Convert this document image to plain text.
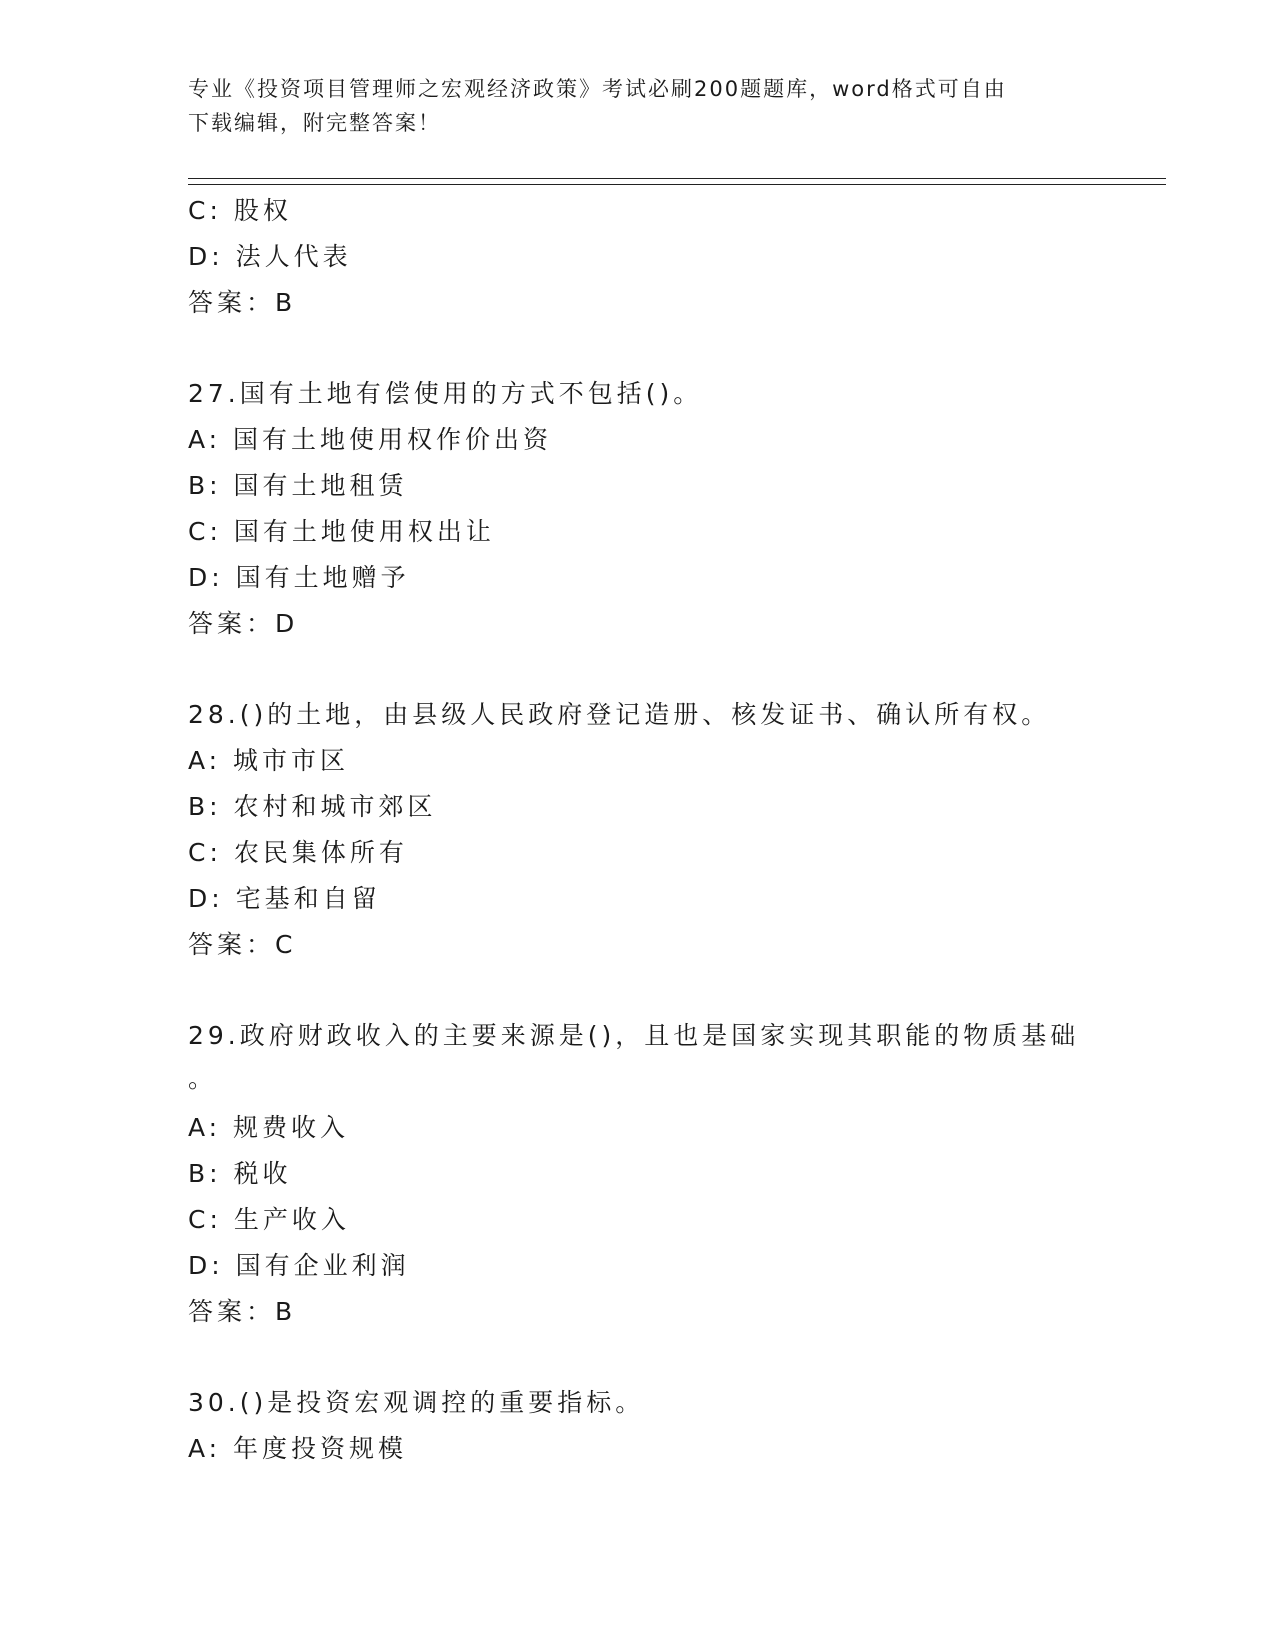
专业《投资项目管理师之宏观经济政策》考试必刷200题题库，word格式可自由
下载编辑，附完整答案！
C: 股权
D: 法人代表
答案：B
27.国有土地有偿使用的方式不包括()。
A: 国有土地使用权作价出资
B: 国有土地租赁
C: 国有土地使用权出让
D: 国有土地赠予
答案：D
28.()的土地，由县级人民政府登记造册、核发证书、确认所有权。
A: 城市市区
B: 农村和城市郊区
C: 农民集体所有
D: 宅基和自留
答案：C
29.政府财政收入的主要来源是()，且也是国家实现其职能的物质基础
。
A: 规费收入
B: 税收
C: 生产收入
D: 国有企业利润
答案：B
30.()是投资宏观调控的重要指标。
A: 年度投资规模
